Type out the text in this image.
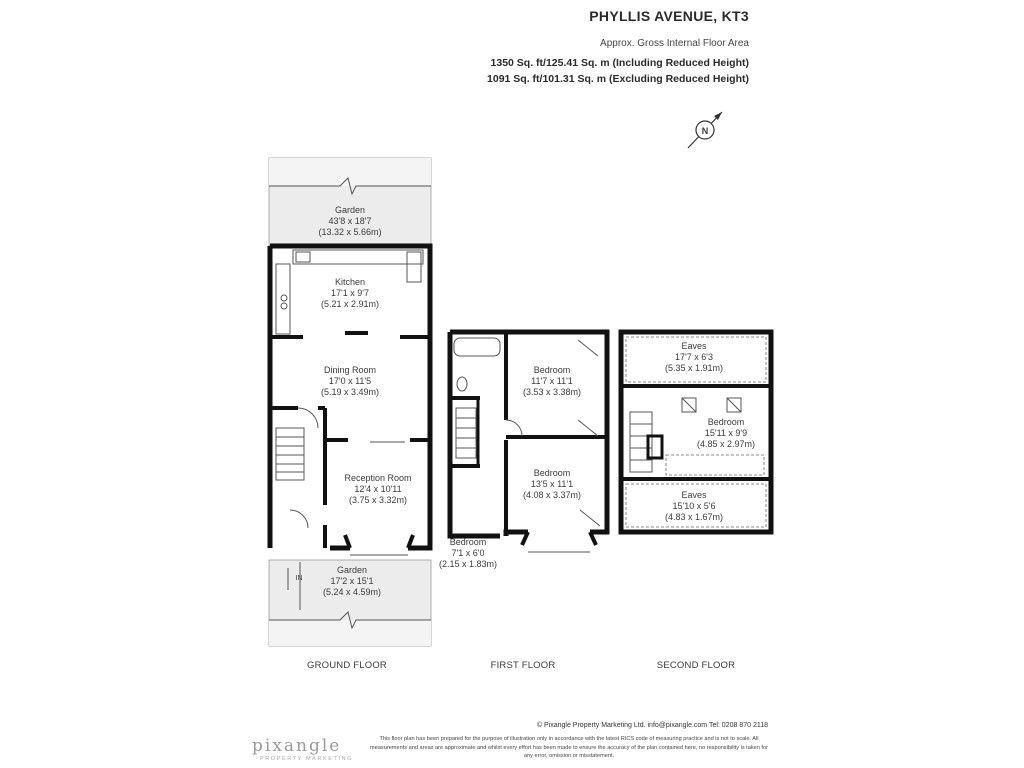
PHYLLIS AVENUE, KT3
Approx. Gross Internal Floor Area
1350 Sq. ft/125.41 Sq. m (Including Reduced Height)
1091 Sq. ft/101.31 Sq. m (Excluding Reduced Height)
N
Garden
43'8 x 18'7
(13.32 x 5.66m)
Kitchen
17'1 x 9'7
(5.21 x 2.91m)
Dining Room
17'0 x 11'5
(5.19 x 3.49m)
Reception Room
12'4 x 10'11
(3.75 x 3.32m)
Garden
17'2 x 15'1
(5.24 x 4.59m)
IN
GROUND FLOOR
Bedroom
11'7 x 11'1
(3.53 x 3.38m)
Bedroom
13'5 x 11'1
(4.08 x 3.37m)
Bedroom
7'1 x 6'0
(2.15 x 1.83m)
FIRST FLOOR
Eaves
17'7 x 6'3
(5.35 x 1.91m)
Bedroom
15'11 x 9'9
(4.85 x 2.97m)
Eaves
15'10 x 5'6
(4.83 x 1.67m)
SECOND FLOOR
pixangle
PROPERTY MARKETING
© Pixangle Property Marketing Ltd. info@pixangle.com Tel: 0208 870 2118
This floor plan has been prepared for the purpose of illustration only in accordance with the latest RICS code of measuring practice and is not to scale. All measurements and areas are approximate and whilst every effort has been made to ensure the accuracy of the plan contained here, no responsibility is taken for any error, omission or misstatement.
